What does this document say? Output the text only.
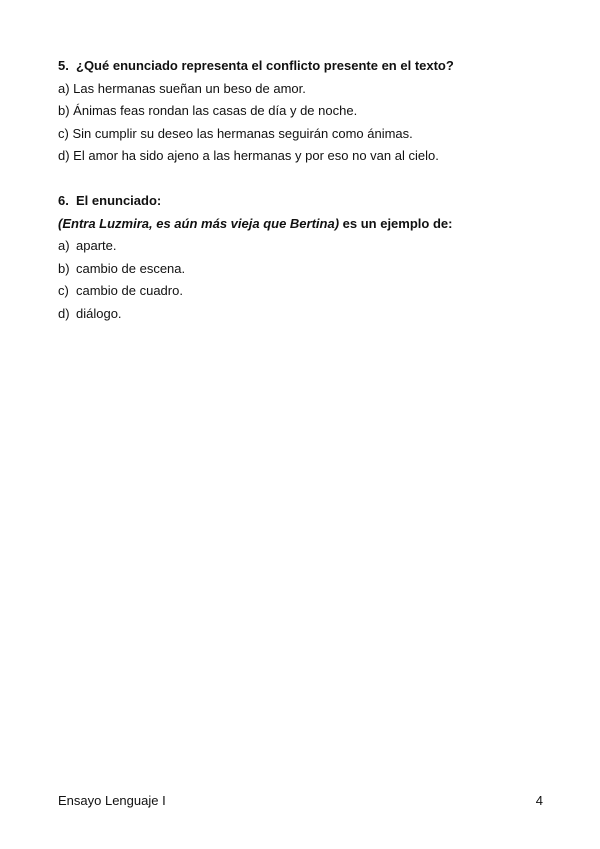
5. ¿Qué enunciado representa el conflicto presente en el texto?
a) Las hermanas sueñan un beso de amor.
b) Ánimas feas rondan las casas de día y de noche.
c) Sin cumplir su deseo las hermanas seguirán como ánimas.
d) El amor ha sido ajeno a las hermanas y por eso no van al cielo.
6. El enunciado:
(Entra Luzmira, es aún más vieja que Bertina) es un ejemplo de:
a) aparte.
b) cambio de escena.
c) cambio de cuadro.
d) diálogo.
Ensayo Lenguaje I	4
